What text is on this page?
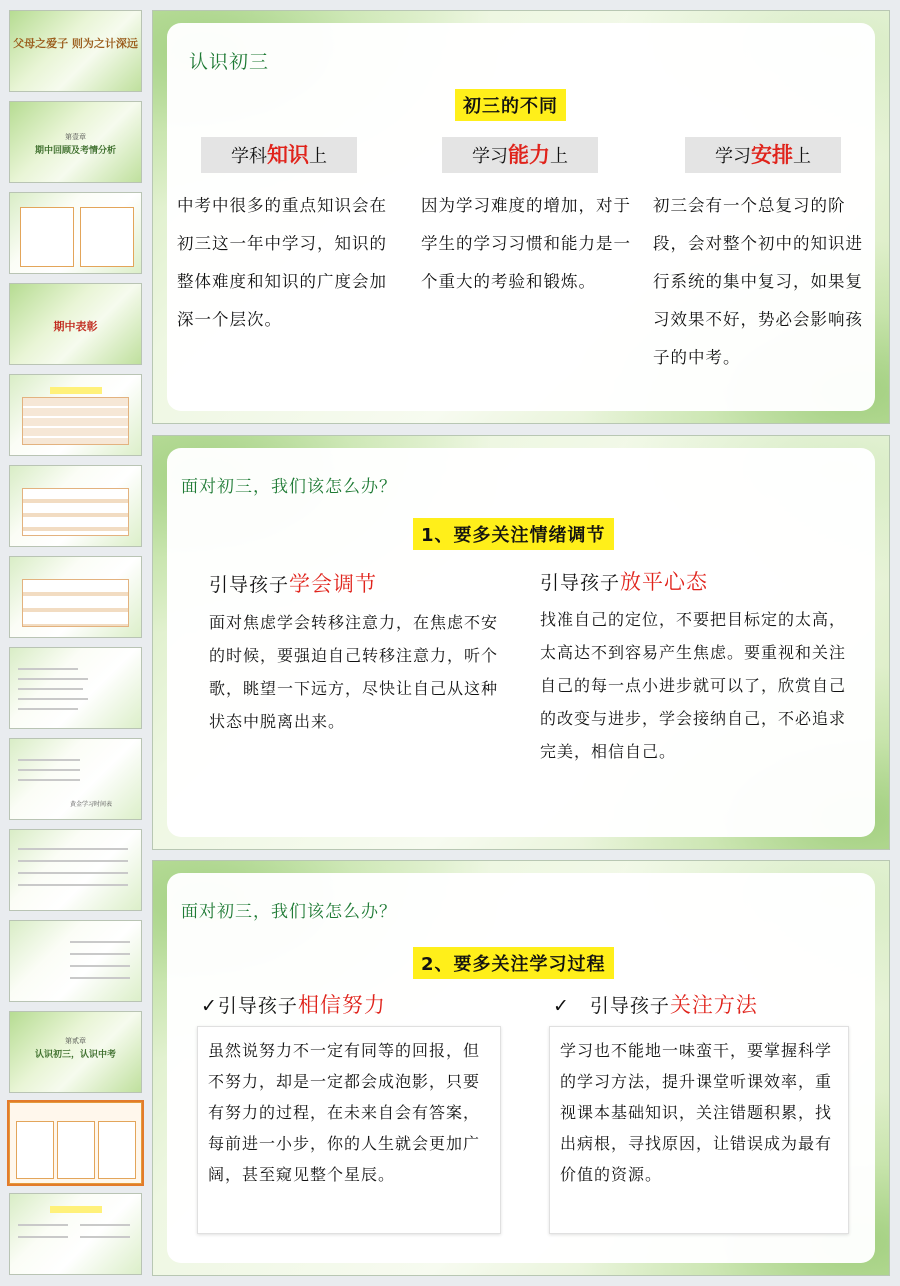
父母之爱子 则为之计深远
第壹章
期中回顾及考情分析
期中表彰
黄金学习时间表
第贰章
认识初三，认识中考
认识初三
初三的不同
学科知识上	学习能力上	学习安排上
中考中很多的重点知识会在初三这一年中学习，知识的整体难度和知识的广度会加深一个层次。
因为学习难度的增加，对于学生的学习习惯和能力是一个重大的考验和锻炼。
初三会有一个总复习的阶段，会对整个初中的知识进行系统的集中复习，如果复习效果不好，势必会影响孩子的中考。
面对初三，我们该怎么办？
1、要多关注情绪调节
引导孩子学会调节
面对焦虑学会转移注意力，在焦虑不安的时候，要强迫自己转移注意力，听个歌，眺望一下远方，尽快让自己从这种状态中脱离出来。
引导孩子放平心态
找准自己的定位，不要把目标定的太高，太高达不到容易产生焦虑。要重视和关注自己的每一点小进步就可以了，欣赏自己的改变与进步，学会接纳自己，不必追求完美，相信自己。
面对初三，我们该怎么办？
2、要多关注学习过程
✓引导孩子相信努力
虽然说努力不一定有同等的回报，但不努力，却是一定都会成泡影，只要有努力的过程，在未来自会有答案，每前进一小步，你的人生就会更加广阔，甚至窥见整个星辰。
✓ 引导孩子关注方法
学习也不能地一味蛮干，要掌握科学的学习方法，提升课堂听课效率，重视课本基础知识，关注错题积累，找出病根，寻找原因，让错误成为最有价值的资源。
